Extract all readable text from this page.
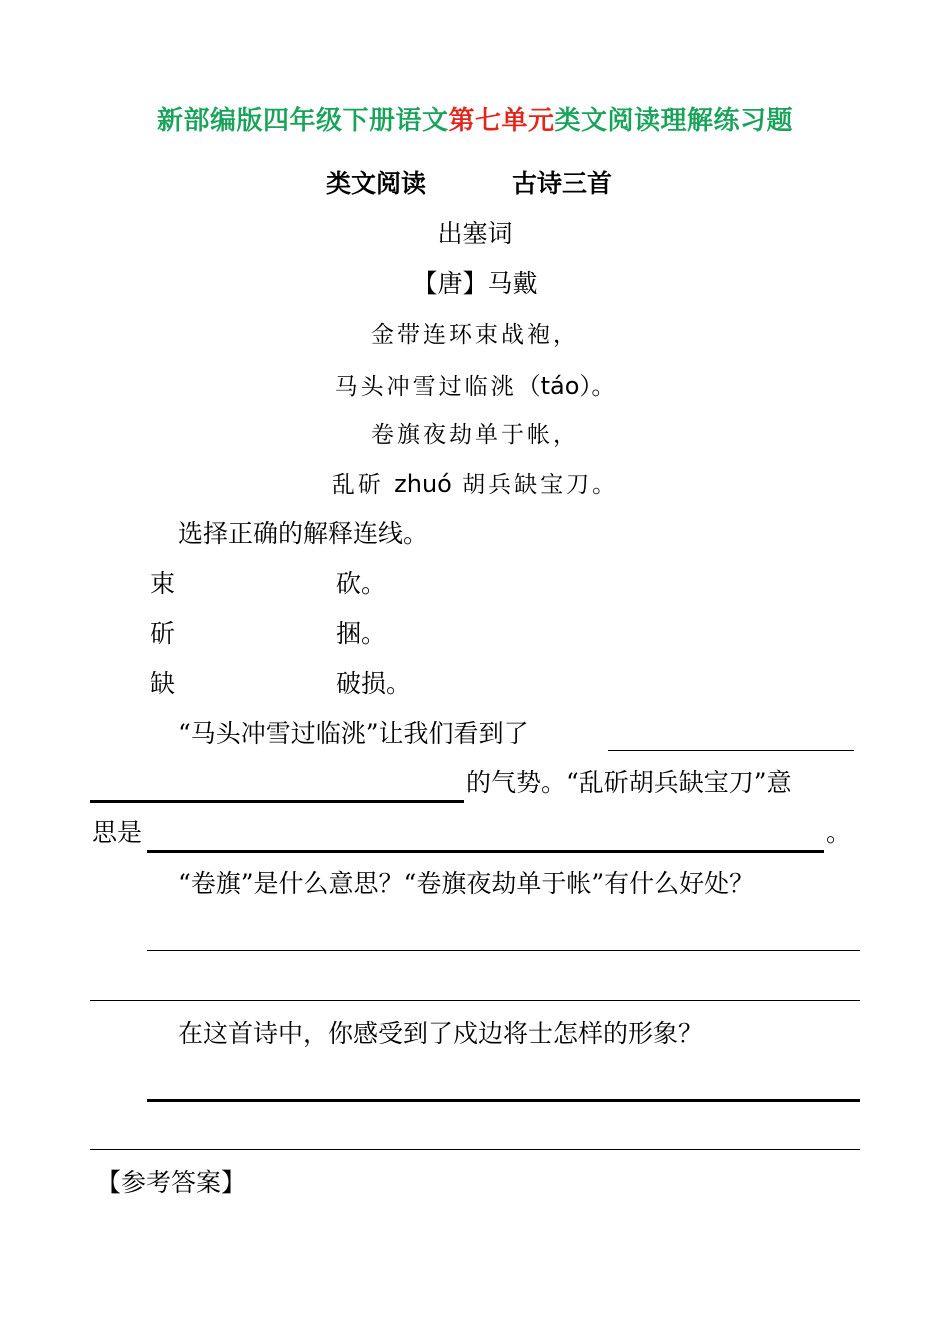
新部编版四年级下册语文第七单元类文阅读理解练习题
类文阅读	古诗三首
出塞词
【唐】马戴
金带连环束战袍，
马头冲雪过临洮（táo）。
卷旗夜劫单于帐，
乱斫 zhuó 胡兵缺宝刀。
选择正确的解释连线。
束	砍。
斫	捆。
缺	破损。
“马头冲雪过临洮”让我们看到了
的气势。“乱斫胡兵缺宝刀”意
思是	。
“卷旗”是什么意思？“卷旗夜劫单于帐”有什么好处？
在这首诗中，你感受到了戍边将士怎样的形象？
【参考答案】
